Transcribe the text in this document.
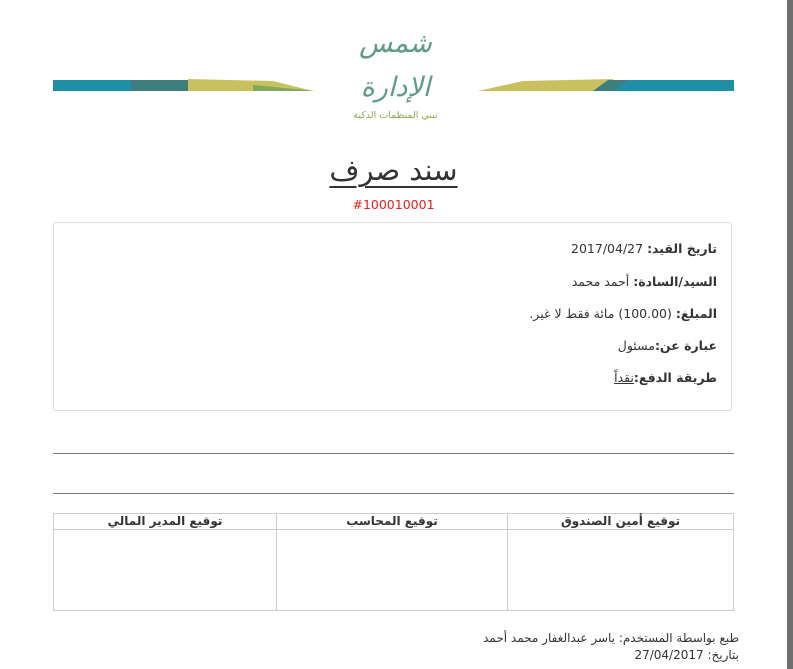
شمس الإدارة
تبني المنظمات الذكية
سند صرف
#100010001
تاريخ القيد: 2017/04/27
السيد/السادة: أحمد محمد
المبلغ: (100.00) مائة فقط لا غير.
عبارة عن:مسئول
طريقة الدفع:نقداً
توقيع أمين الصندوق	توقيع المحاسب	توقيع المدير المالي

طبع بواسطة المستخدم: ياسر عبدالغفار محمد أحمد
بتاريخ: 27/04/2017
